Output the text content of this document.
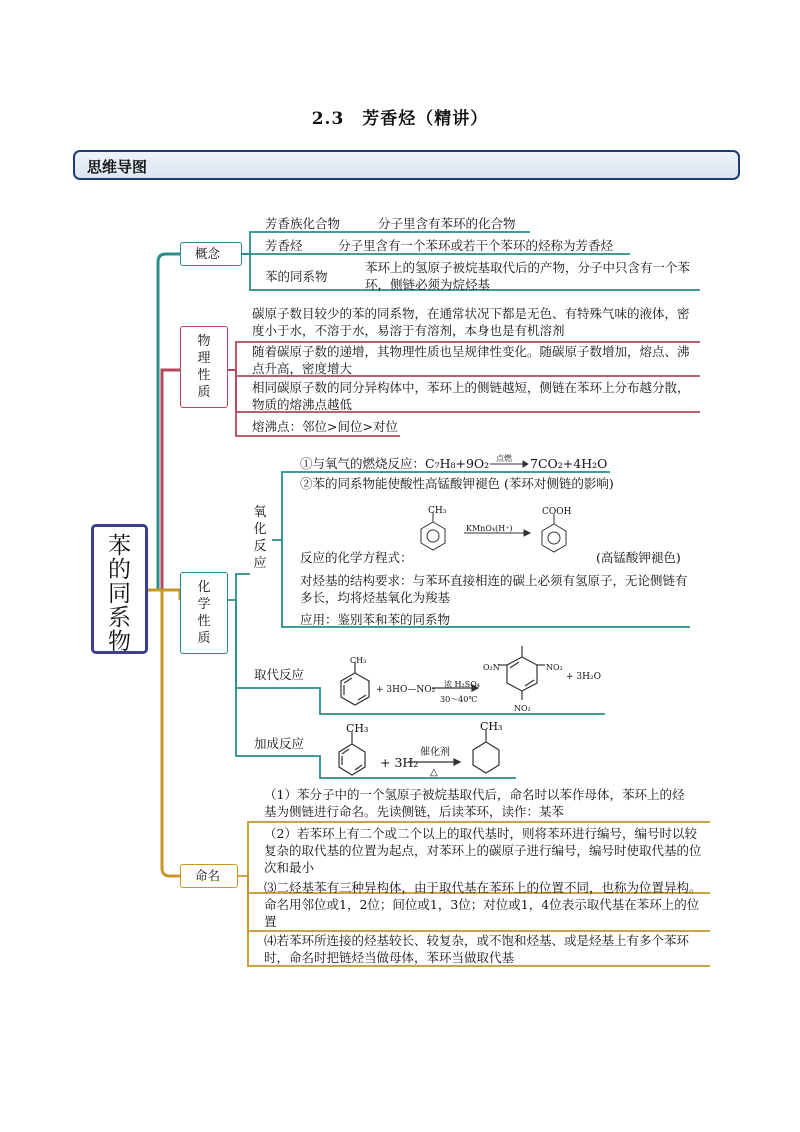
2.3　芳香烃（精讲）
思维导图
苯
的
同
系
物
概念
芳香族化合物	分子里含有苯环的化合物
芳香烃	分子里含有一个苯环或若干个苯环的烃称为芳香烃
苯的同系物
苯环上的氢原子被烷基取代后的产物，分子中只含有一个苯环，侧链必须为烷烃基
物
理
性
质
碳原子数目较少的苯的同系物，在通常状况下都是无色、有特殊气味的液体，密度小于水，不溶于水，易溶于有溶剂，本身也是有机溶剂
随着碳原子数的递增，其物理性质也呈规律性变化。随碳原子数增加，熔点、沸点升高，密度增大
相同碳原子数的同分异构体中，苯环上的侧链越短，侧链在苯环上分布越分散，物质的熔沸点越低
熔沸点：邻位>间位>对位
化
学
性
质
氧
化
反
应
①与氧气的燃烧反应：C₇H₈+9O₂ 点燃 7CO₂+4H₂O
②苯的同系物能使酸性高锰酸钾褪色 (苯环对侧链的影响)
CH₃
KMnO₄(H⁺)
COOH
反应的化学方程式：	(高锰酸钾褪色)
对烃基的结构要求：与苯环直接相连的碳上必须有氢原子，无论侧链有多长，均将烃基氧化为羧基
应用：鉴别苯和苯的同系物
取代反应
CH₃
+ 3HO—NO₂
浓 H₂SO₄
30～40℃
O₂N	NO₂
NO₂
+ 3H₂O
加成反应
CH₃
+ 3H₂
催化剂
△
CH₃
命名
（1）苯分子中的一个氢原子被烷基取代后，命名时以苯作母体，苯环上的烃基为侧链进行命名。先读侧链，后读苯环，读作：某苯
（2）若苯环上有二个或二个以上的取代基时，则将苯环进行编号，编号时以较复杂的取代基的位置为起点，对苯环上的碳原子进行编号，编号时使取代基的位次和最小
⑶二烃基苯有三种异构体，由于取代基在苯环上的位置不同，也称为位置异构。命名用邻位或1，2位；间位或1，3位；对位或1，4位表示取代基在苯环上的位置
⑷若苯环所连接的烃基较长、较复杂，或不饱和烃基、或是烃基上有多个苯环时，命名时把链烃当做母体，苯环当做取代基
